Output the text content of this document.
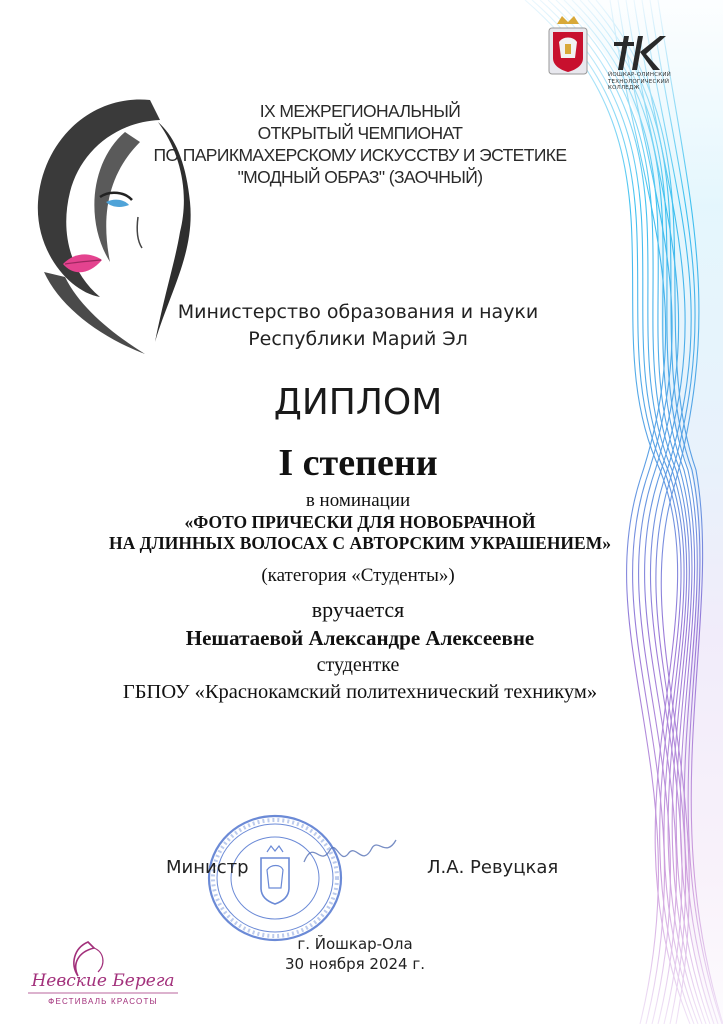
ЙОШКАР-ОЛИНСКИЙ
ТЕХНОЛОГИЧЕСКИЙ КОЛЛЕДЖ
IX МЕЖРЕГИОНАЛЬНЫЙ
ОТКРЫТЫЙ ЧЕМПИОНАТ
ПО ПАРИКМАХЕРСКОМУ ИСКУССТВУ И ЭСТЕТИКЕ
"МОДНЫЙ ОБРАЗ" (ЗАОЧНЫЙ)
Министерство образования и науки
Республики Марий Эл
ДИПЛОМ
I степени
в номинации
«ФОТО ПРИЧЕСКИ ДЛЯ НОВОБРАЧНОЙ
НА ДЛИННЫХ ВОЛОСАХ С АВТОРСКИМ УКРАШЕНИЕМ»
(категория «Студенты»)
вручается
Нешатаевой Александре Алексеевне
студентке
ГБПОУ «Краснокамский политехнический техникум»
Министр	Л.А. Ревуцкая
г. Йошкар-Ола
30 ноября 2024 г.
Невские Берега
ФЕСТИВАЛЬ КРАСОТЫ
